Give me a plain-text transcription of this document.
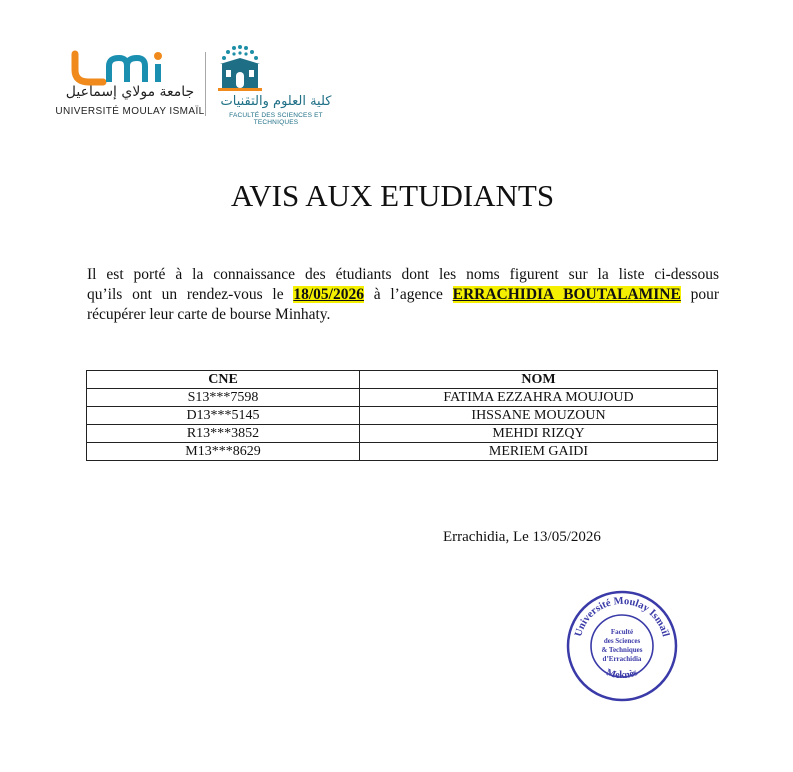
جامعة مولاي إسماعيل
UNIVERSITÉ MOULAY ISMAÏL
كلية العلوم والتقنيات
FACULTÉ DES SCIENCES ET TECHNIQUES
AVIS AUX ETUDIANTS
Il est porté à la connaissance des étudiants dont les noms figurent sur la liste ci-dessous
qu’ils ont un rendez-vous le 18/05/2026 à l’agence ERRACHIDIA BOUTALAMINE pour
récupérer leur carte de bourse Minhaty.
CNE	NOM
S13***7598	FATIMA EZZAHRA MOUJOUD
D13***5145	IHSSANE MOUZOUN
R13***3852	MEHDI RIZQY
M13***8629	MERIEM GAIDI
Errachidia, Le 13/05/2026
Université Moulay Ismaïl
Meknès
Faculté
des Sciences
& Techniques
d’Errachidia
